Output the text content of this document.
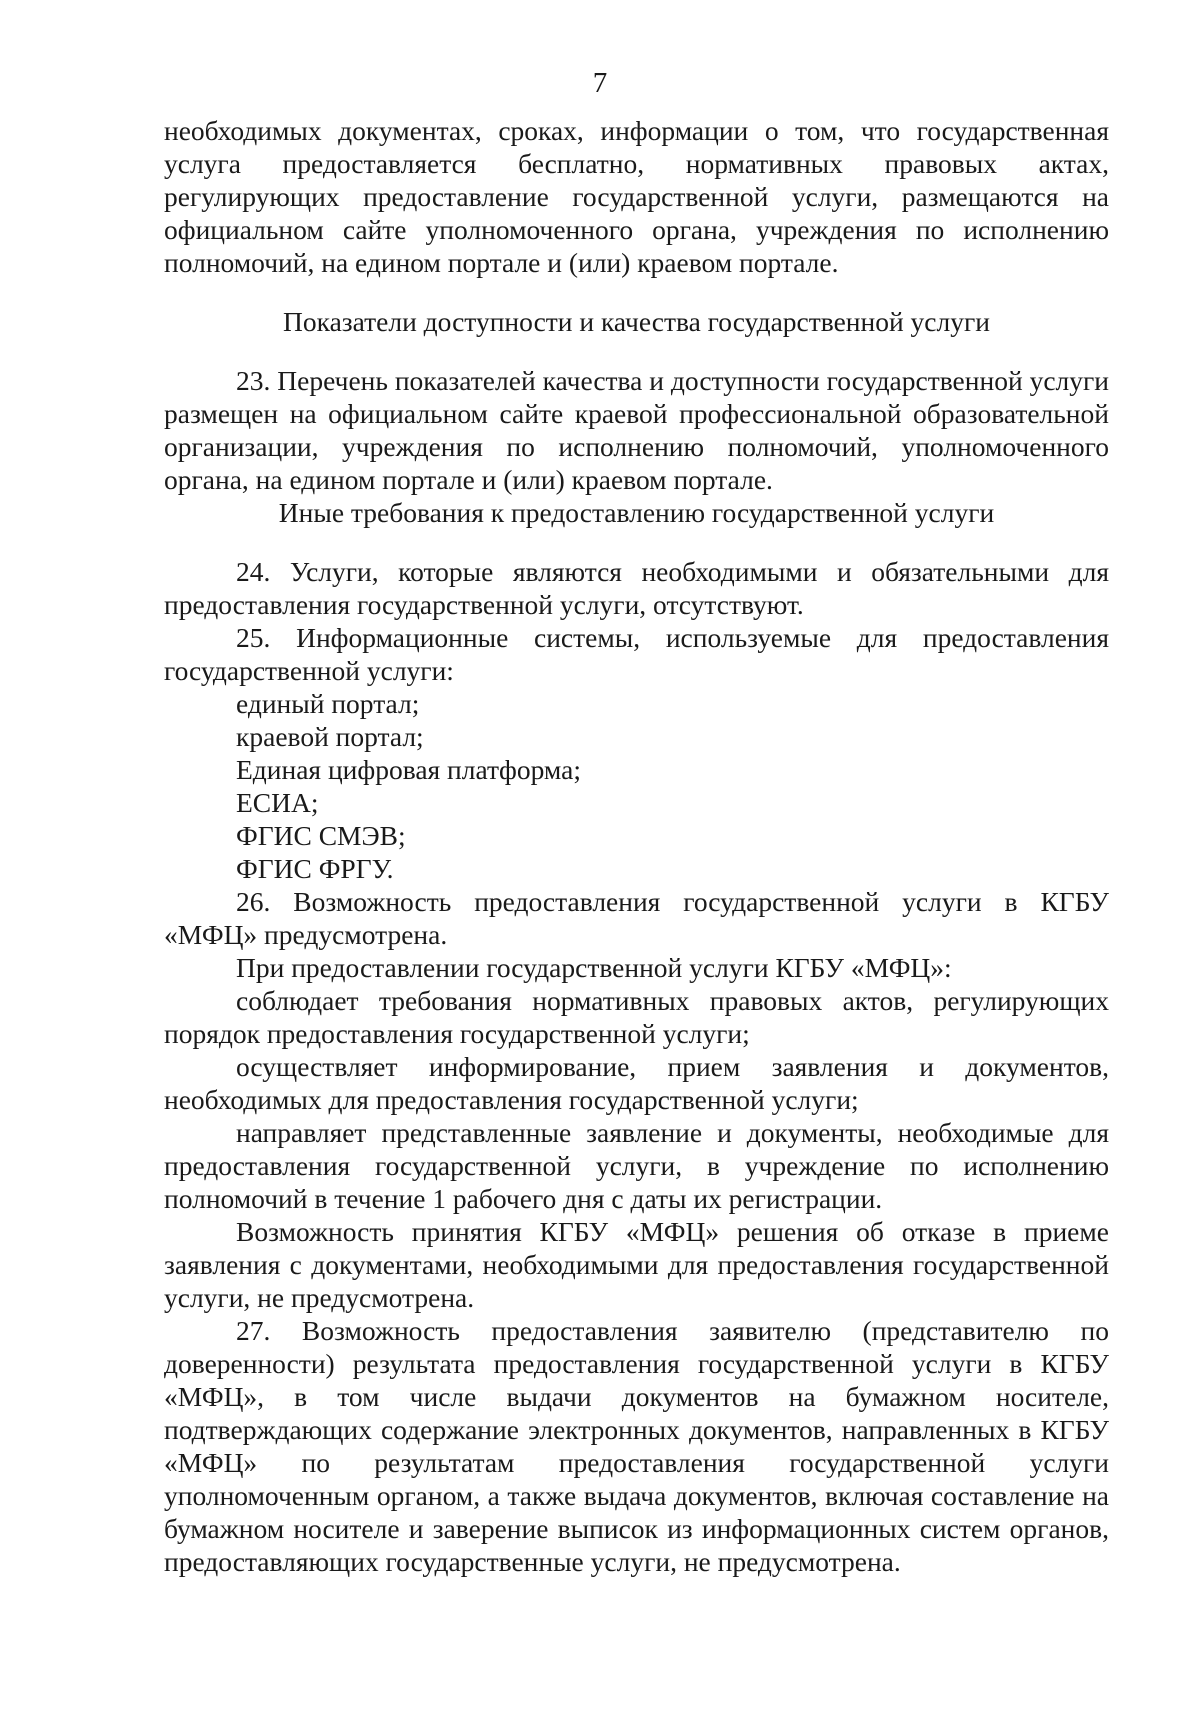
7

необходимых документах, сроках, информации о том, что государственная услуга предоставляется бесплатно, нормативных правовых актах, регулирующих предоставление государственной услуги, размещаются на официальном сайте уполномоченного органа, учреждения по исполнению полномочий, на едином портале и (или) краевом портале.

Показатели доступности и качества государственной услуги

23. Перечень показателей качества и доступности государственной услуги размещен на официальном сайте краевой профессиональной образовательной организации, учреждения по исполнению полномочий, уполномоченного органа, на едином портале и (или) краевом портале.

Иные требования к предоставлению государственной услуги

24. Услуги, которые являются необходимыми и обязательными для предоставления государственной услуги, отсутствуют.

25. Информационные системы, используемые для предоставления государственной услуги:

единый портал;

краевой портал;

Единая цифровая платформа;

ЕСИА;

ФГИС СМЭВ;

ФГИС ФРГУ.

26. Возможность предоставления государственной услуги в КГБУ «МФЦ» предусмотрена.

При предоставлении государственной услуги КГБУ «МФЦ»:

соблюдает требования нормативных правовых актов, регулирующих порядок предоставления государственной услуги;

осуществляет информирование, прием заявления и документов, необходимых для предоставления государственной услуги;

направляет представленные заявление и документы, необходимые для предоставления государственной услуги, в учреждение по исполнению полномочий в течение 1 рабочего дня с даты их регистрации.

Возможность принятия КГБУ «МФЦ» решения об отказе в приеме заявления с документами, необходимыми для предоставления государственной услуги, не предусмотрена.

27. Возможность предоставления заявителю (представителю по доверенности) результата предоставления государственной услуги в КГБУ «МФЦ», в том числе выдачи документов на бумажном носителе, подтверждающих содержание электронных документов, направленных в КГБУ «МФЦ» по результатам предоставления государственной услуги уполномоченным органом, а также выдача документов, включая составление на бумажном носителе и заверение выписок из информационных систем органов, предоставляющих государственные услуги, не предусмотрена.
